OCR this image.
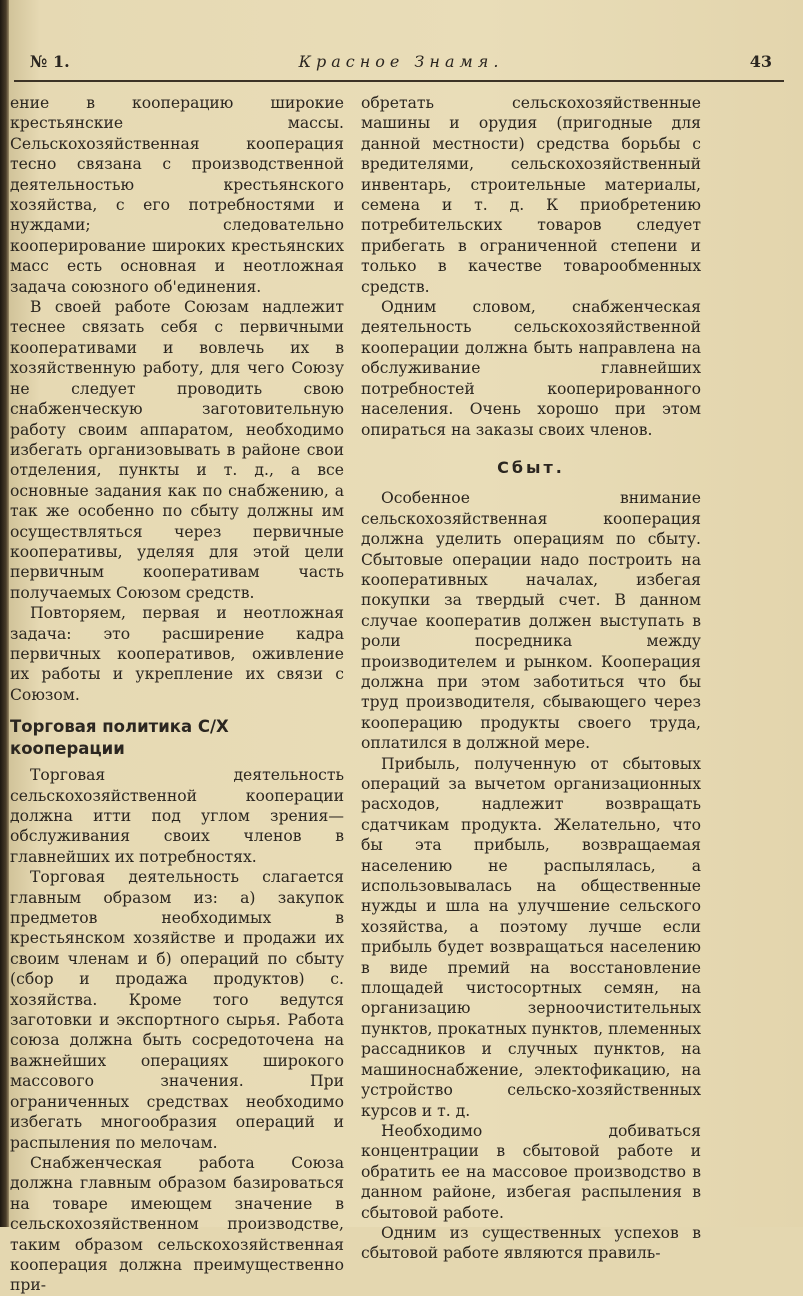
№ 1.	Красное Знамя.	43

ение в кооперацию широкие крестьянские массы. Сельскохозяйственная кооперация тесно связана с производственной деятельностью крестьянского хозяйства, с его потребностями и нуждами; следовательно кооперирование широких крестьянских масс есть основная и неотложная задача союзного об'единения.

В своей работе Союзам надлежит теснее связать себя с первичными кооперативами и вовлечь их в хозяйственную работу, для чего Союзу не следует проводить свою снабженческую заготовительную работу своим аппаратом, необходимо избегать организовывать в районе свои отделения, пункты и т. д., а все основные задания как по снабжению, а так же особенно по сбыту должны им осуществляться через первичные кооперативы, уделяя для этой цели первичным кооперативам часть получаемых Союзом средств.

Повторяем, первая и неотложная задача: это расширение кадра первичных кооперативов, оживление их работы и укрепление их связи с Союзом.

Торговая политика С/Х кооперации

Торговая деятельность сельскохозяйственной кооперации должна итти под углом зрения—обслуживания своих членов в главнейших их потребностях.

Торговая деятельность слагается главным образом из: а) закупок предметов необходимых в крестьянском хозяйстве и продажи их своим членам и б) операций по сбыту (сбор и продажа продуктов) с. хозяйства. Кроме того ведутся заготовки и экспортного сырья. Работа союза должна быть сосредоточена на важнейших операциях широкого массового значения. При ограниченных средствах необходимо избегать многообразия операций и распыления по мелочам.

Снабженческая работа Союза должна главным образом базироваться на товаре имеющем значение в сельскохозяйственном производстве, таким образом сельскохозяйственная кооперация должна преимущественно при-

обретать сельскохозяйственные машины и орудия (пригодные для данной местности) средства борьбы с вредителями, сельскохозяйственный инвентарь, строительные материалы, семена и т. д. К приобретению потребительских товаров следует прибегать в ограниченной степени и только в качестве товарообменных средств.

Одним словом, снабженческая деятельность сельскохозяйственной кооперации должна быть направлена на обслуживание главнейших потребностей кооперированного населения. Очень хорошо при этом опираться на заказы своих членов.

Сбыт.

Особенное внимание сельскохозяйственная кооперация должна уделить операциям по сбыту. Сбытовые операции надо построить на кооперативных началах, избегая покупки за твердый счет. В данном случае кооператив должен выступать в роли посредника между производителем и рынком. Кооперация должна при этом заботиться что бы труд производителя, сбывающего через кооперацию продукты своего труда, оплатился в должной мере.

Прибыль, полученную от сбытовых операций за вычетом организационных расходов, надлежит возвращать сдатчикам продукта. Желательно, что бы эта прибыль, возвращаемая населению не распылялась, а использовывалась на общественные нужды и шла на улучшение сельского хозяйства, а поэтому лучше если прибыль будет возвращаться населению в виде премий на восстановление площадей чистосортных семян, на организацию зерноочистительных пунктов, прокатных пунктов, племенных рассадников и случных пунктов, на машиноснабжение, электофикацию, на устройство сельско-хозяйственных курсов и т. д.

Необходимо добиваться концентрации в сбытовой работе и обратить ее на массовое производство в данном районе, избегая распыления в сбытовой работе.

Одним из существенных успехов в сбытовой работе являются правиль-
